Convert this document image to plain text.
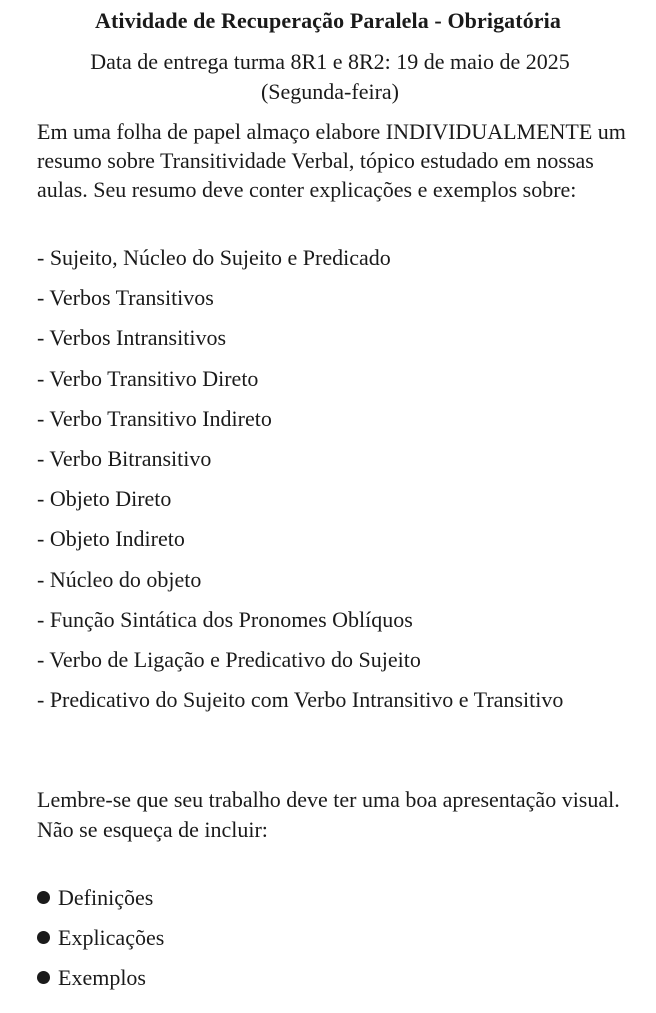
Atividade de Recuperação Paralela - Obrigatória
Data de entrega turma 8R1 e 8R2: 19 de maio de 2025
(Segunda-feira)
Em uma folha de papel almaço elabore INDIVIDUALMENTE um resumo sobre Transitividade Verbal, tópico estudado em nossas aulas. Seu resumo deve conter explicações e exemplos sobre:
- Sujeito, Núcleo do Sujeito e Predicado
- Verbos Transitivos
- Verbos Intransitivos
- Verbo Transitivo Direto
- Verbo Transitivo Indireto
- Verbo Bitransitivo
- Objeto Direto
- Objeto Indireto
- Núcleo do objeto
- Função Sintática dos Pronomes Oblíquos
- Verbo de Ligação e Predicativo do Sujeito
- Predicativo do Sujeito com Verbo Intransitivo e Transitivo
Lembre-se que seu trabalho deve ter uma boa apresentação visual. Não se esqueça de incluir:
Definições
Explicações
Exemplos
